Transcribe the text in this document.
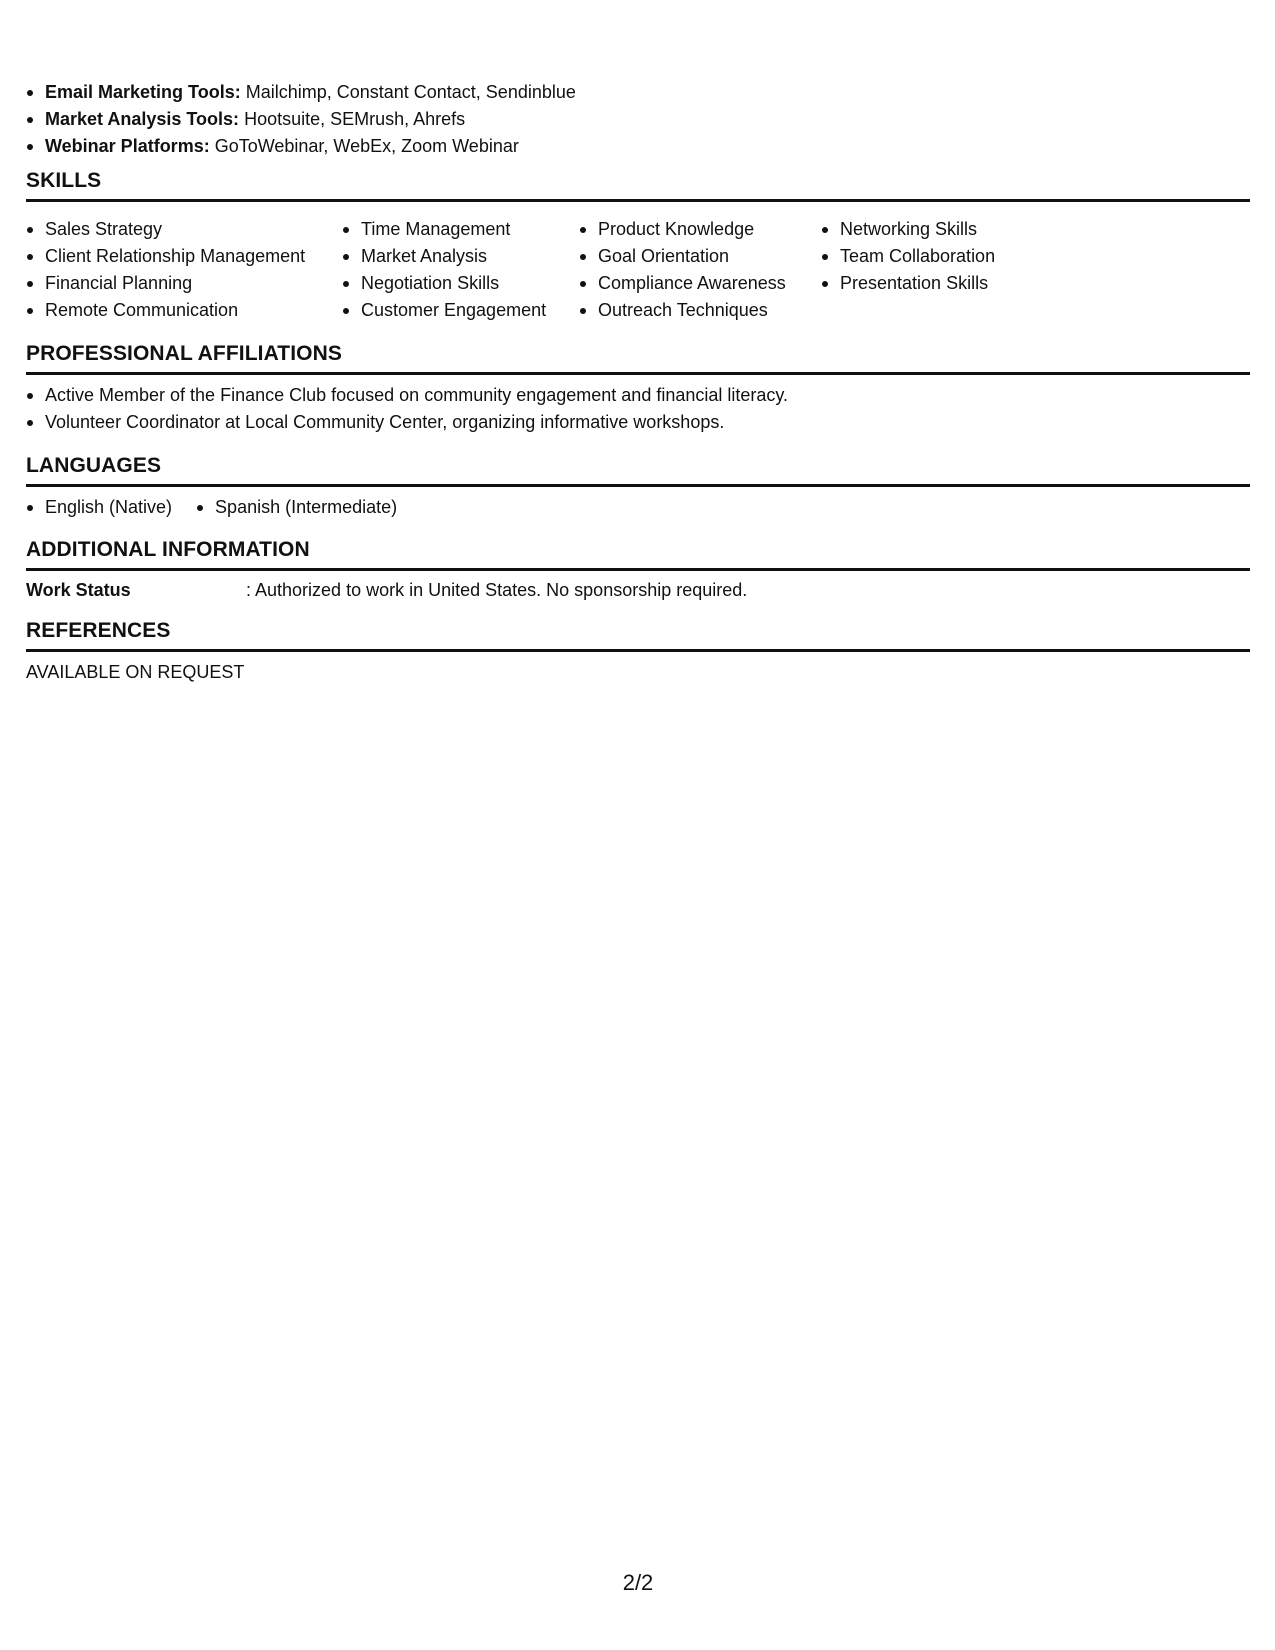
Email Marketing Tools: Mailchimp, Constant Contact, Sendinblue
Market Analysis Tools: Hootsuite, SEMrush, Ahrefs
Webinar Platforms: GoToWebinar, WebEx, Zoom Webinar
SKILLS
Sales Strategy
Client Relationship Management
Financial Planning
Remote Communication
Time Management
Market Analysis
Negotiation Skills
Customer Engagement
Product Knowledge
Goal Orientation
Compliance Awareness
Outreach Techniques
Networking Skills
Team Collaboration
Presentation Skills
PROFESSIONAL AFFILIATIONS
Active Member of the Finance Club focused on community engagement and financial literacy.
Volunteer Coordinator at Local Community Center, organizing informative workshops.
LANGUAGES
English (Native)	Spanish (Intermediate)
ADDITIONAL INFORMATION
Work Status	: Authorized to work in United States. No sponsorship required.
REFERENCES
AVAILABLE ON REQUEST
2/2
